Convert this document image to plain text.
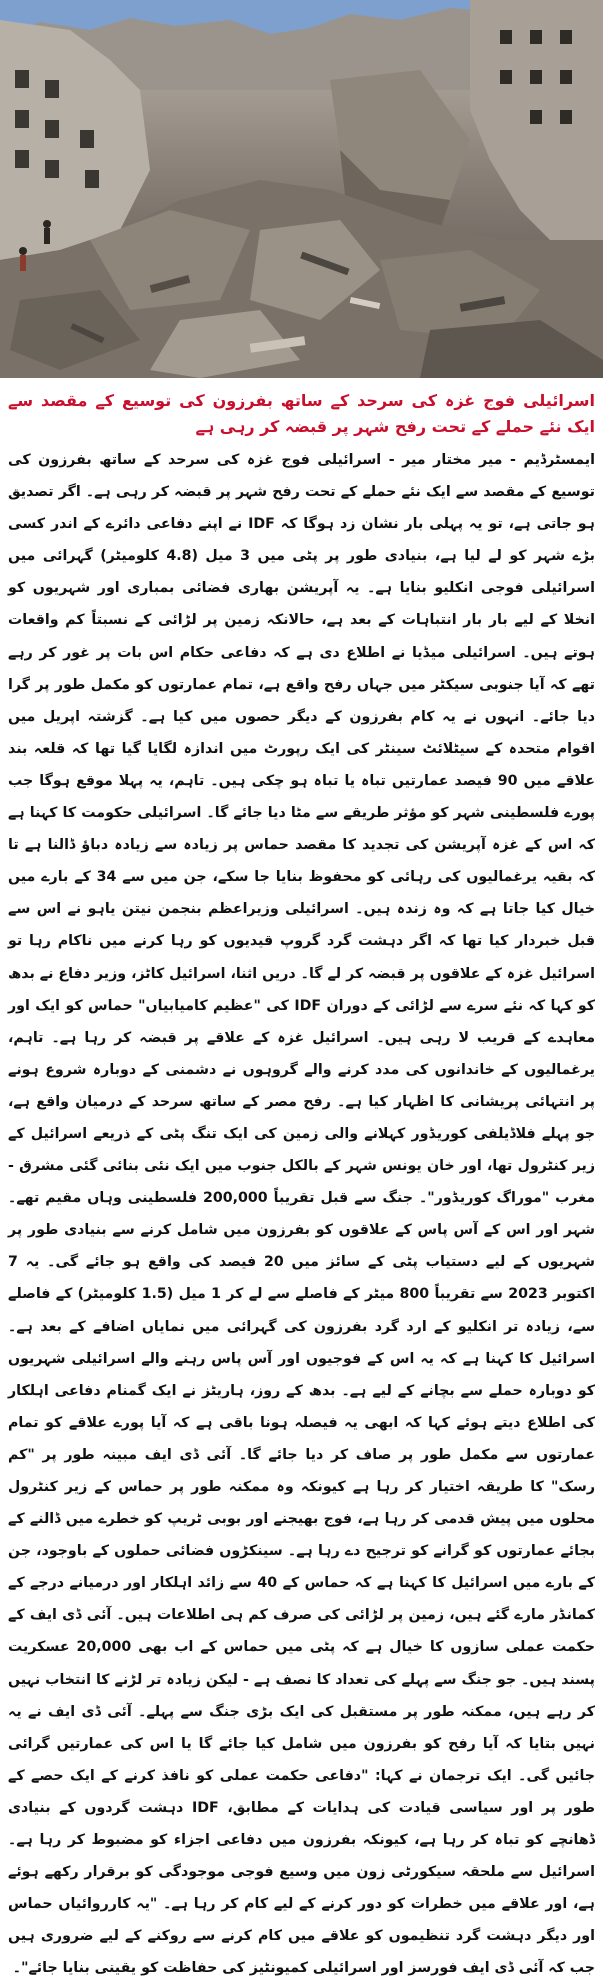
اسرائیلی فوج غزہ کی سرحد کے ساتھ بفرزون کی توسیع کے مقصد سے ایک نئے حملے کے تحت رفح شہر پر قبضہ کر رہی ہے

ایمسٹرڈیم - میر مختار میر - اسرائیلی فوج غزہ کی سرحد کے ساتھ بفرزون کی توسیع کے مقصد سے ایک نئے حملے کے تحت رفح شہر پر قبضہ کر رہی ہے۔ اگر تصدیق ہو جاتی ہے، تو یہ پہلی بار نشان زد ہوگا کہ IDF نے اپنے دفاعی دائرے کے اندر کسی بڑے شہر کو لے لیا ہے، بنیادی طور پر پٹی میں 3 میل (4.8 کلومیٹر) گہرائی میں اسرائیلی فوجی انکلیو بنایا ہے۔ یہ آپریشن بھاری فضائی بمباری اور شہریوں کو انخلا کے لیے بار بار انتباہات کے بعد ہے، حالانکہ زمین پر لڑائی کے نسبتاً کم واقعات ہوتے ہیں۔ اسرائیلی میڈیا نے اطلاع دی ہے کہ دفاعی حکام اس بات پر غور کر رہے تھے کہ آیا جنوبی سیکٹر میں جہاں رفح واقع ہے، تمام عمارتوں کو مکمل طور پر گرا دیا جائے۔ انہوں نے یہ کام بفرزون کے دیگر حصوں میں کیا ہے۔ گزشتہ اپریل میں اقوام متحدہ کے سیٹلائٹ سینٹر کی ایک رپورٹ میں اندازہ لگایا گیا تھا کہ قلعہ بند علاقے میں 90 فیصد عمارتیں تباہ یا تباہ ہو چکی ہیں۔ تاہم، یہ پہلا موقع ہوگا جب پورے فلسطینی شہر کو مؤثر طریقے سے مٹا دیا جائے گا۔ اسرائیلی حکومت کا کہنا ہے کہ اس کے غزہ آپریشن کی تجدید کا مقصد حماس پر زیادہ سے زیادہ دباؤ ڈالنا ہے تا کہ بقیہ یرغمالیوں کی رہائی کو محفوظ بنایا جا سکے، جن میں سے 34 کے بارے میں خیال کیا جاتا ہے کہ وہ زندہ ہیں۔ اسرائیلی وزیراعظم بنجمن نیتن یاہو نے اس سے قبل خبردار کیا تھا کہ اگر دہشت گرد گروپ قیدیوں کو رہا کرنے میں ناکام رہا تو اسرائیل غزہ کے علاقوں پر قبضہ کر لے گا۔ دریں اثنا، اسرائیل کاٹز، وزیر دفاع نے بدھ کو کہا کہ نئے سرے سے لڑائی کے دوران IDF کی "عظیم کامیابیاں" حماس کو ایک اور معاہدے کے قریب لا رہی ہیں۔ اسرائیل غزہ کے علاقے پر قبضہ کر رہا ہے۔ تاہم، یرغمالیوں کے خاندانوں کی مدد کرنے والے گروہوں نے دشمنی کے دوبارہ شروع ہونے پر انتہائی پریشانی کا اظہار کیا ہے۔ رفح مصر کے ساتھ سرحد کے درمیان واقع ہے، جو پہلے فلاڈیلفی کوریڈور کہلانے والی زمین کی ایک تنگ پٹی کے ذریعے اسرائیل کے زیر کنٹرول تھا، اور خان یونس شہر کے بالکل جنوب میں ایک نئی بنائی گئی مشرق - مغرب "موراگ کوریڈور"۔ جنگ سے قبل تقریباً 200,000 فلسطینی وہاں مقیم تھے۔ شہر اور اس کے آس پاس کے علاقوں کو بفرزون میں شامل کرنے سے بنیادی طور پر شہریوں کے لیے دستیاب پٹی کے سائز میں 20 فیصد کی واقع ہو جائے گی۔ یہ 7 اکتوبر 2023 سے تقریباً 800 میٹر کے فاصلے سے لے کر 1 میل (1.5 کلومیٹر) کے فاصلے سے، زیادہ تر انکلیو کے ارد گرد بفرزون کی گہرائی میں نمایاں اضافے کے بعد ہے۔ اسرائیل کا کہنا ہے کہ یہ اس کے فوجیوں اور آس پاس رہنے والے اسرائیلی شہریوں کو دوبارہ حملے سے بچانے کے لیے ہے۔ بدھ کے روز، ہاریٹز نے ایک گمنام دفاعی اہلکار کی اطلاع دیتے ہوئے کہا کہ ابھی یہ فیصلہ ہونا باقی ہے کہ آیا پورے علاقے کو تمام عمارتوں سے مکمل طور پر صاف کر دیا جائے گا۔ آئی ڈی ایف مبینہ طور پر "کم رسک" کا طریقہ اختیار کر رہا ہے کیونکہ وہ ممکنہ طور پر حماس کے زیر کنٹرول محلوں میں پیش قدمی کر رہا ہے، فوج بھیجنے اور بوبی ٹریپ کو خطرے میں ڈالنے کے بجائے عمارتوں کو گرانے کو ترجیح دے رہا ہے۔ سینکڑوں فضائی حملوں کے باوجود، جن کے بارے میں اسرائیل کا کہنا ہے کہ حماس کے 40 سے زائد اہلکار اور درمیانے درجے کے کمانڈر مارے گئے ہیں، زمین پر لڑائی کی صرف کم ہی اطلاعات ہیں۔ آئی ڈی ایف کے حکمت عملی سازوں کا خیال ہے کہ پٹی میں حماس کے اب بھی 20,000 عسکریت پسند ہیں۔ جو جنگ سے پہلے کی تعداد کا نصف ہے - لیکن زیادہ تر لڑنے کا انتخاب نہیں کر رہے ہیں، ممکنہ طور پر مستقبل کی ایک بڑی جنگ سے پہلے۔ آئی ڈی ایف نے یہ نہیں بتایا کہ آیا رفح کو بفرزون میں شامل کیا جائے گا یا اس کی عمارتیں گرائی جائیں گی۔ ایک ترجمان نے کہا: "دفاعی حکمت عملی کو نافذ کرنے کے ایک حصے کے طور پر اور سیاسی قیادت کی ہدایات کے مطابق، IDF دہشت گردوں کے بنیادی ڈھانچے کو تباہ کر رہا ہے، کیونکہ بفرزون میں دفاعی اجزاء کو مضبوط کر رہا ہے۔ اسرائیل سے ملحقہ سیکورٹی زون میں وسیع فوجی موجودگی کو برقرار رکھے ہوئے ہے، اور علاقے میں خطرات کو دور کرنے کے لیے کام کر رہا ہے۔ "یہ کارروائیاں حماس اور دیگر دہشت گرد تنظیموں کو علاقے میں کام کرنے سے روکنے کے لیے ضروری ہیں جب کہ آئی ڈی ایف فورسز اور اسرائیلی کمیونٹیز کی حفاظت کو یقینی بنایا جائے"۔
